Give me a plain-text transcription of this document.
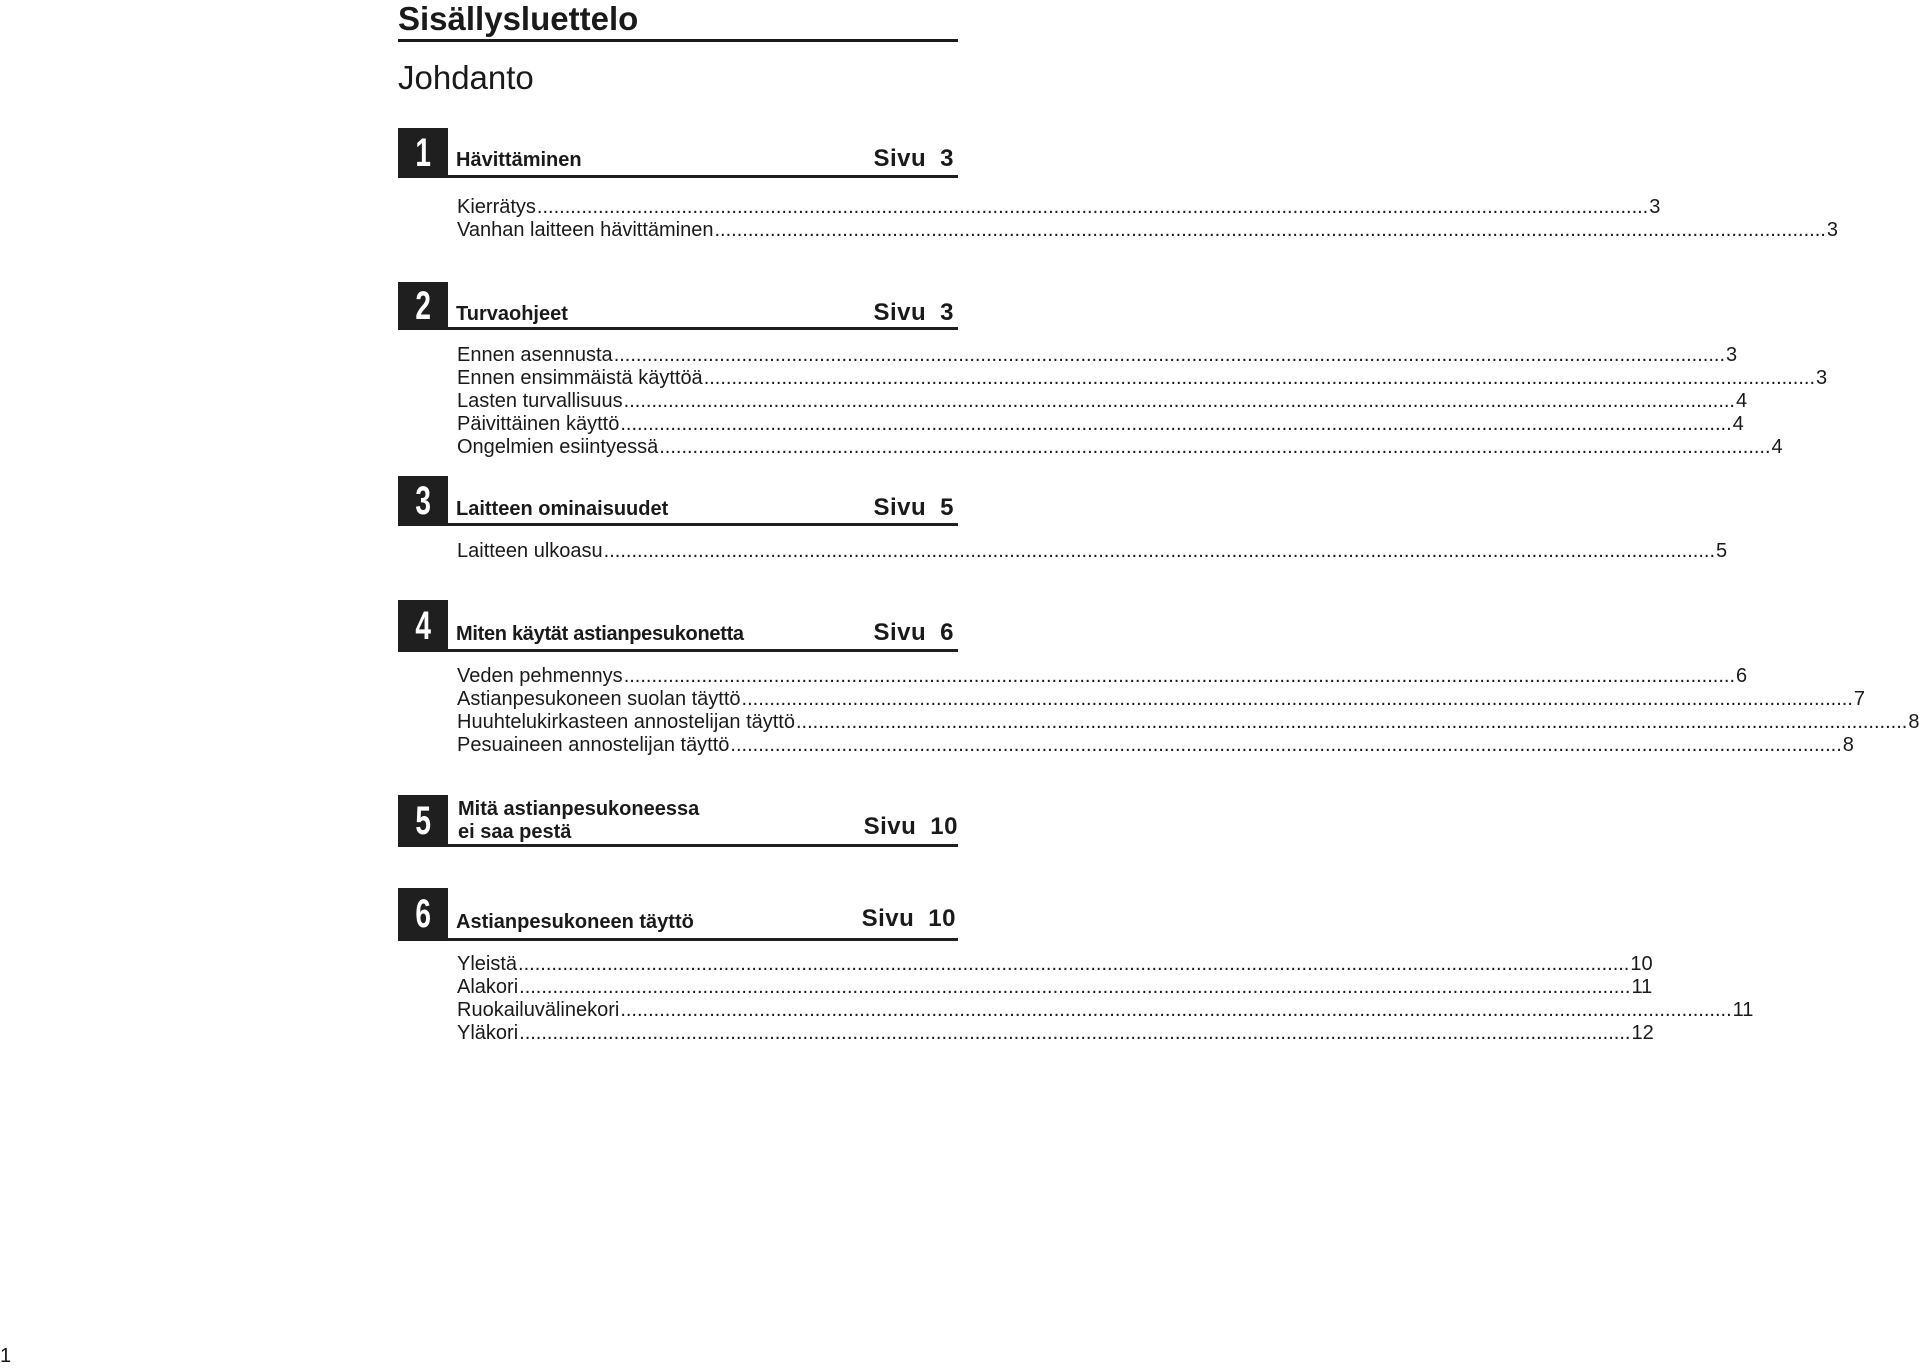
Sisällysluettelo
Johdanto
1 Hävittäminen	Sivu 3
Kierrätys ........................................................................................................................................................................................................ 3
Vanhan laitteen hävittäminen ........................................................................................................................................................................................................ 3
2 Turvaohjeet	Sivu 3
Ennen asennusta ........................................................................................................................................................................................................ 3
Ennen ensimmäistä käyttöä ........................................................................................................................................................................................................ 3
Lasten turvallisuus ........................................................................................................................................................................................................ 4
Päivittäinen käyttö ........................................................................................................................................................................................................ 4
Ongelmien esiintyessä ........................................................................................................................................................................................................ 4
3 Laitteen ominaisuudet	Sivu 5
Laitteen ulkoasu ........................................................................................................................................................................................................ 5
4 Miten käytät astianpesukonetta	Sivu 6
Veden pehmennys ........................................................................................................................................................................................................ 6
Astianpesukoneen suolan täyttö ........................................................................................................................................................................................................ 7
Huuhtelukirkasteen annostelijan täyttö ........................................................................................................................................................................................................ 8
Pesuaineen annostelijan täyttö ........................................................................................................................................................................................................ 8
5 Mitä astianpesukoneessa
ei saa pestä	Sivu 10
6 Astianpesukoneen täyttö	Sivu 10
Yleistä ........................................................................................................................................................................................................ 10
Alakori ........................................................................................................................................................................................................ 11
Ruokailuvälinekori ........................................................................................................................................................................................................ 11
Yläkori ........................................................................................................................................................................................................ 12
1
